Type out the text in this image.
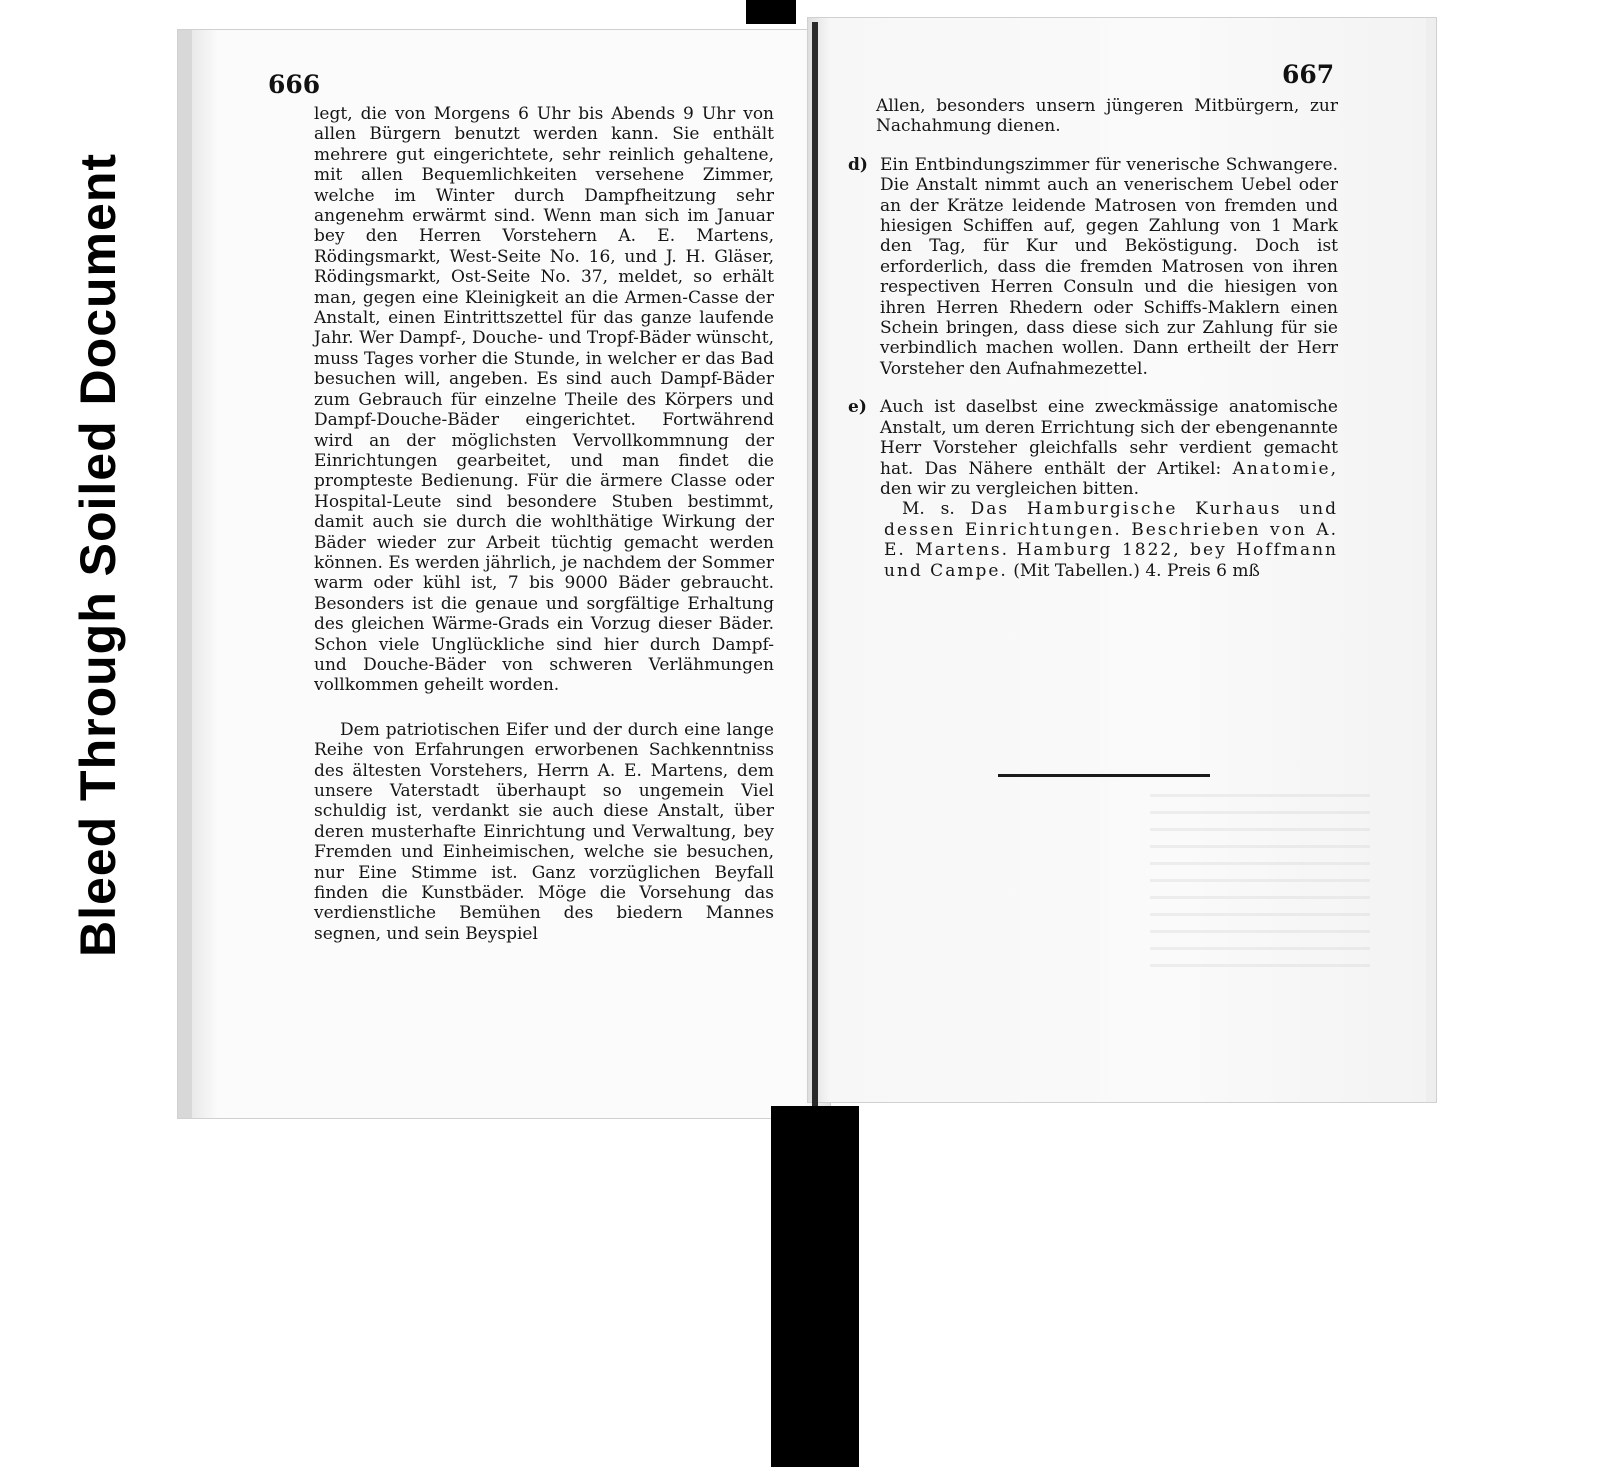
Bleed Through Soiled Document
666	667

legt, die von Morgens 6 Uhr bis Abends 9 Uhr von allen Bürgern benutzt werden kann. Sie enthält mehrere gut eingerichtete, sehr reinlich gehaltene, mit allen Bequemlichkeiten versehene Zimmer, welche im Winter durch Dampfheitzung sehr angenehm erwärmt sind. Wenn man sich im Januar bey den Herren Vorstehern A. E. Martens, Rödingsmarkt, West-Seite No. 16, und J. H. Gläser, Rödingsmarkt, Ost-Seite No. 37, meldet, so erhält man, gegen eine Kleinigkeit an die Armen-Casse der Anstalt, einen Eintrittszettel für das ganze laufende Jahr. Wer Dampf-, Douche- und Tropf-Bäder wünscht, muss Tages vorher die Stunde, in welcher er das Bad besuchen will, angeben. Es sind auch Dampf-Bäder zum Gebrauch für einzelne Theile des Körpers und Dampf-Douche-Bäder eingerichtet. Fortwährend wird an der möglichsten Vervollkommnung der Einrichtungen gearbeitet, und man findet die prompteste Bedienung. Für die ärmere Classe oder Hospital-Leute sind besondere Stuben bestimmt, damit auch sie durch die wohlthätige Wirkung der Bäder wieder zur Arbeit tüchtig gemacht werden können. Es werden jährlich, je nachdem der Sommer warm oder kühl ist, 7 bis 9000 Bäder gebraucht. Besonders ist die genaue und sorgfältige Erhaltung des gleichen Wärme-Grads ein Vorzug dieser Bäder. Schon viele Unglückliche sind hier durch Dampf- und Douche-Bäder von schweren Verlähmungen vollkommen geheilt worden.

Dem patriotischen Eifer und der durch eine lange Reihe von Erfahrungen erworbenen Sachkenntniss des ältesten Vorstehers, Herrn A. E. Martens, dem unsere Vaterstadt überhaupt so ungemein Viel schuldig ist, verdankt sie auch diese Anstalt, über deren musterhafte Einrichtung und Verwaltung, bey Fremden und Einheimischen, welche sie besuchen, nur Eine Stimme ist. Ganz vorzüglichen Beyfall finden die Kunstbäder. Möge die Vorsehung das verdienstliche Bemühen des biedern Mannes segnen, und sein Beyspiel

Allen, besonders unsern jüngeren Mitbürgern, zur Nachahmung dienen.

d) Ein Entbindungszimmer für venerische Schwangere. Die Anstalt nimmt auch an venerischem Uebel oder an der Krätze leidende Matrosen von fremden und hiesigen Schiffen auf, gegen Zahlung von 1 Mark den Tag, für Kur und Beköstigung. Doch ist erforderlich, dass die fremden Matrosen von ihren respectiven Herren Consuln und die hiesigen von ihren Herren Rhedern oder Schiffs-Maklern einen Schein bringen, dass diese sich zur Zahlung für sie verbindlich machen wollen. Dann ertheilt der Herr Vorsteher den Aufnahmezettel.
e) Auch ist daselbst eine zweckmässige anatomische Anstalt, um deren Errichtung sich der ebengenannte Herr Vorsteher gleichfalls sehr verdient gemacht hat. Das Nähere enthält der Artikel: Anatomie, den wir zu vergleichen bitten.

M. s. Das Hamburgische Kurhaus und dessen Einrichtungen. Beschrieben von A. E. Martens. Hamburg 1822, bey Hoffmann und Campe. (Mit Tabellen.) 4. Preis 6 mß
